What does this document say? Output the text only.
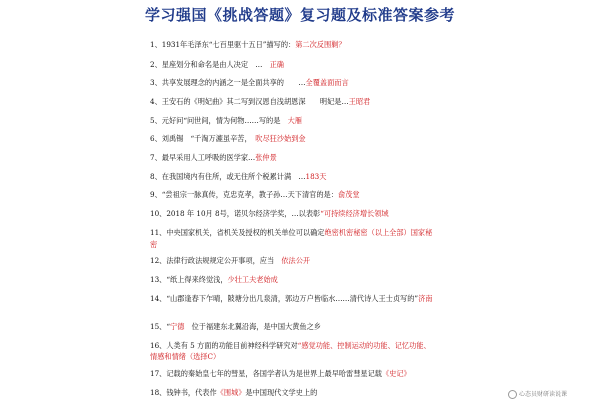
学习强国《挑战答题》复习题及标准答案参考
1、1931年毛泽东“七百里驱十五日”描写的：第二次反围剿？
2、星座划分和命名是由人决定　…　 正确
3、共享发展理念的内涵之一是全面共享的　　…全覆盖面而言
4、王安石的《明妃曲》其二写到汉恩自浅胡恩深　　明妃是…王昭君
5、元好问“问世间，情为何物……写的是　 大雁
6、刘禹锡　“千淘万漉虽辛苦，　 吹尽狂沙始到金
7、最早采用人工呼吸的医学家…张仲景
8、在我国境内有住所，或无住所个税累计满　…183天
9、“尝祖宗一脉真传，克忠克孝，教子孙…天下清官的是：俞茂堂
10、2018 年 10月 8号，诺贝尔经济学奖，…以表彰“可持续经济增长领域
11、中央国家机关，省机关及授权的机关单位可以确定绝密机密秘密（以上全部）国家秘
密
12、法律行政法规规定公开事项，应当　 依法公开
13、“纸上得来终觉浅，少壮工夫老始成
14、“山郡逢春下乍晴，陂塘分出几泉清，郭边万户皆临水……清代诗人王士贞写的”济南
15、“宁德　 位于福建东北翼沿海，是中国大黄鱼之乡
16、人类有 5 方面的功能目前神经科学研究对“感觉功能、控制运动的功能、记忆功能、
情感和情绪（选择C）
17、记载的秦始皇七年的彗星，各国学者认为是世界上最早哈雷彗星记载《史记》
18、钱钟书，代表作《围城》是中国现代文学史上的	心态员财研读说课
